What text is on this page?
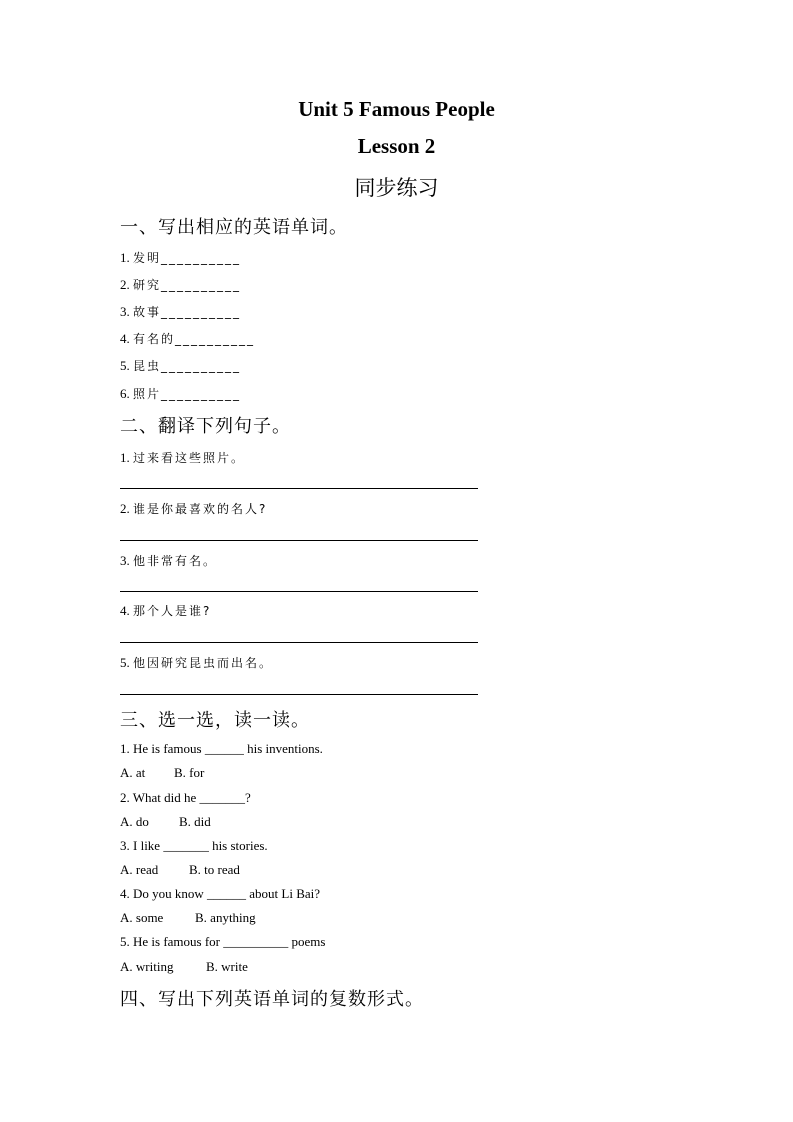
Unit 5 Famous People
Lesson 2
同步练习
一、写出相应的英语单词。
1. 发明__________
2. 研究__________
3. 故事__________
4. 有名的__________
5. 昆虫__________
6. 照片__________
二、翻译下列句子。
1. 过来看这些照片。
2. 谁是你最喜欢的名人?
3. 他非常有名。
4. 那个人是谁?
5. 他因研究昆虫而出名。
三、选一选，读一读。
1. He is famous ______ his inventions.
A. at B. for
2. What did he _______?
A. do B. did
3. I like _______ his stories.
A. read B. to read
4. Do you know ______ about Li Bai?
A. some B. anything
5. He is famous for __________ poems
A. writing	B. write
四、写出下列英语单词的复数形式。
